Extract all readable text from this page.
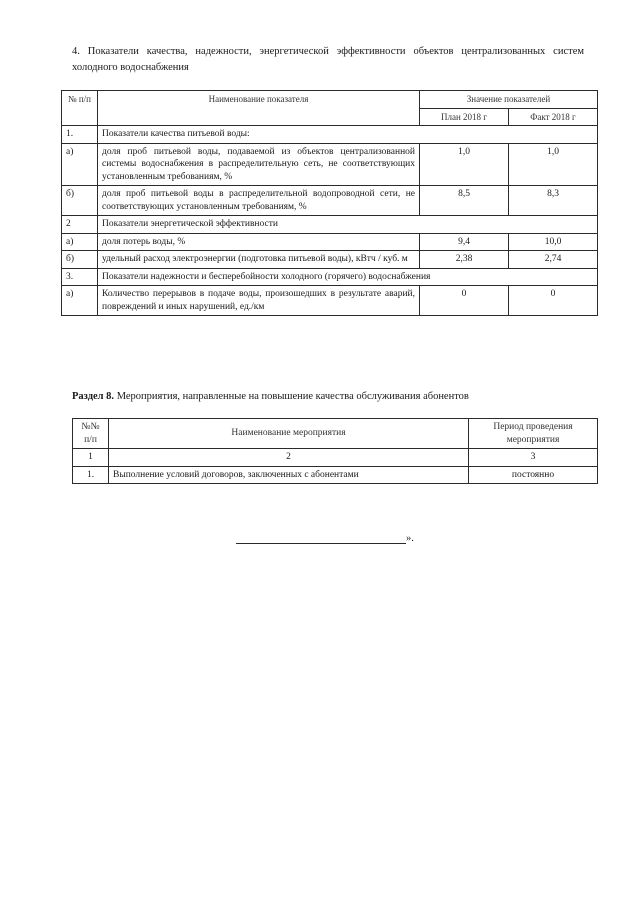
4. Показатели качества, надежности, энергетической эффективности объектов централизованных систем холодного водоснабжения
№ п/п	Наименование показателя	Значение показателей	
		План 2018 г	Факт 2018 г
1.	Показатели качества питьевой воды:		
а)	доля проб питьевой воды, подаваемой из объектов централизованной системы водоснабжения в распределительную сеть, не соответствующих установленным требованиям, %	1,0	1,0
б)	доля проб питьевой воды в распределительной водопроводной сети, не соответствующих установленным требованиям, %	8,5	8,3
2	Показатели энергетической эффективности		
а)	доля потерь воды, %	9,4	10,0
б)	удельный расход электроэнергии (подготовка питьевой воды), кВтч / куб. м	2,38	2,74
3.	Показатели надежности и бесперебойности холодного (горячего) водоснабжения		
а)	Количество перерывов в подаче воды, произошедших в результате аварий, повреждений и иных нарушений, ед./км	0	0
Раздел 8. Мероприятия, направленные на повышение качества обслуживания абонентов
№№ п/п	Наименование мероприятия	Период проведения мероприятия
1	2	3
1.	Выполнение условий договоров, заключенных с абонентами	постоянно
».
